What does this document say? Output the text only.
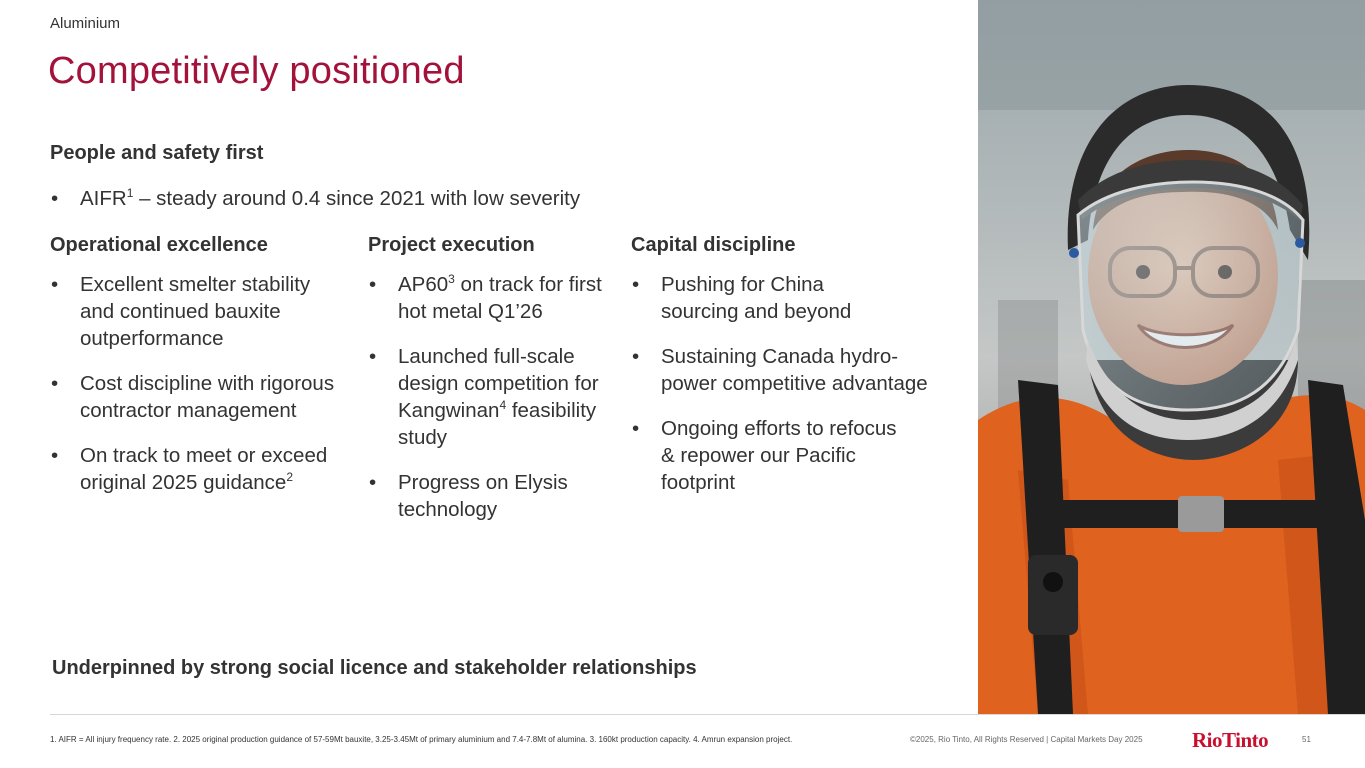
Aluminium
Competitively positioned
People and safety first
• AIFR$^1$ – steady around 0.4 since 2021 with low severity
Operational excellence	Project execution	Capital discipline
• Excellent smelter stability and continued bauxite outperformance
• Cost discipline with rigorous contractor management
• On track to meet or exceed original 2025 guidance$^2$
• $AP60^3$ on track for first hot metal Q1’26
• Launched full-scale design competition for Kangwinan$^4$ feasibility study
• Progress on Elysis technology
• Pushing for China sourcing and beyond
• Sustaining Canada hydro-power competitive advantage
• Ongoing efforts to refocus & repower our Pacific footprint
Underpinned by strong social licence and stakeholder relationships
1. AIFR = All injury frequency rate. 2. 2025 original production guidance of 57-59Mt bauxite, 3.25-3.45Mt of primary aluminium and 7.4-7.8Mt of alumina. 3. 160kt production capacity. 4. Amrun expansion project.	©2025, Rio Tinto, All Rights Reserved | Capital Markets Day 2025 RioTinto	51
